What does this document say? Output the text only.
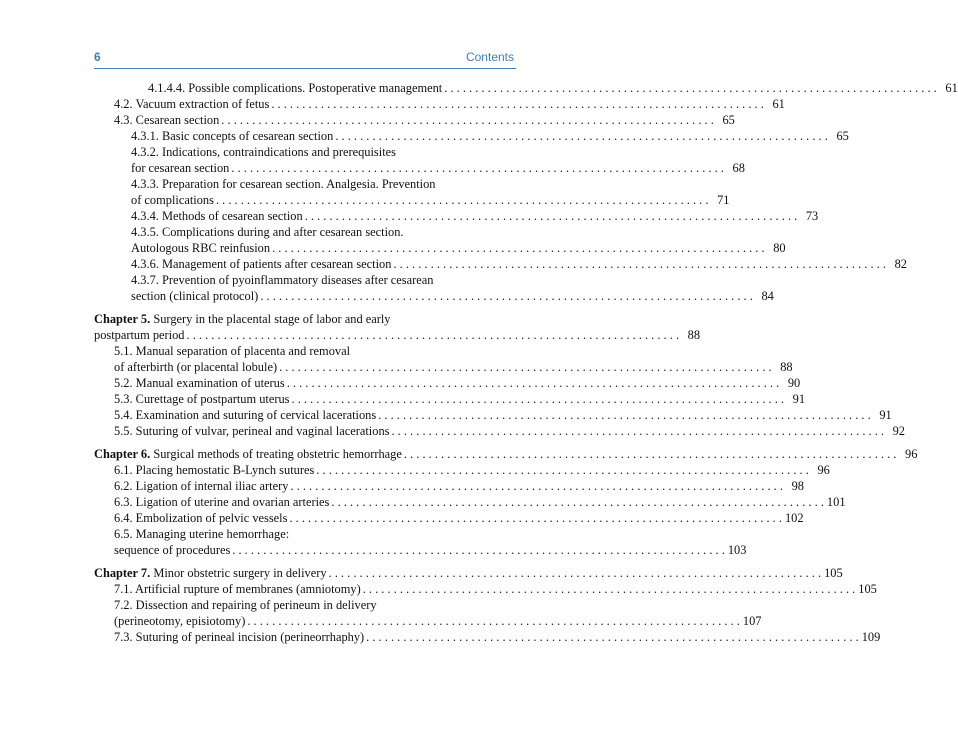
6	Contents
4.1.4.4. Possible complications. Postoperative management . . . . . . . . . . . . . . . . . . . . . . . . . . . . . . . . . . . . . . . . . . . . . . . . . . . . . . . . . . . . . . . . . . . . . . . . . . . . . . . . 61
4.2. Vacuum extraction of fetus . . . . . . . . . . . . . . . . . . . . . . . . . . . . . . . . . . . . . . . . . . . . . . . . . . . . . . . . . . . . . . . . . . . . . . . . . . . . . . . . 61
4.3. Cesarean section . . . . . . . . . . . . . . . . . . . . . . . . . . . . . . . . . . . . . . . . . . . . . . . . . . . . . . . . . . . . . . . . . . . . . . . . . . . . . . . . 65
4.3.1. Basic concepts of cesarean section . . . . . . . . . . . . . . . . . . . . . . . . . . . . . . . . . . . . . . . . . . . . . . . . . . . . . . . . . . . . . . . . . . . . . . . . . . . . . . . . 65
4.3.2. Indications, contraindications and prerequisites
for cesarean section . . . . . . . . . . . . . . . . . . . . . . . . . . . . . . . . . . . . . . . . . . . . . . . . . . . . . . . . . . . . . . . . . . . . . . . . . . . . . . . . 68
4.3.3. Preparation for cesarean section. Analgesia. Prevention
of complications . . . . . . . . . . . . . . . . . . . . . . . . . . . . . . . . . . . . . . . . . . . . . . . . . . . . . . . . . . . . . . . . . . . . . . . . . . . . . . . . 71
4.3.4. Methods of cesarean section . . . . . . . . . . . . . . . . . . . . . . . . . . . . . . . . . . . . . . . . . . . . . . . . . . . . . . . . . . . . . . . . . . . . . . . . . . . . . . . . 73
4.3.5. Complications during and after cesarean section.
Autologous RBC reinfusion . . . . . . . . . . . . . . . . . . . . . . . . . . . . . . . . . . . . . . . . . . . . . . . . . . . . . . . . . . . . . . . . . . . . . . . . . . . . . . . . 80
4.3.6. Management of patients after cesarean section . . . . . . . . . . . . . . . . . . . . . . . . . . . . . . . . . . . . . . . . . . . . . . . . . . . . . . . . . . . . . . . . . . . . . . . . . . . . . . . . 82
4.3.7. Prevention of pyoinflammatory diseases after cesarean
section (clinical protocol) . . . . . . . . . . . . . . . . . . . . . . . . . . . . . . . . . . . . . . . . . . . . . . . . . . . . . . . . . . . . . . . . . . . . . . . . . . . . . . . . 84
Chapter 5. Surgery in the placental stage of labor and early
postpartum period . . . . . . . . . . . . . . . . . . . . . . . . . . . . . . . . . . . . . . . . . . . . . . . . . . . . . . . . . . . . . . . . . . . . . . . . . . . . . . . . 88
5.1. Manual separation of placenta and removal
of afterbirth (or placental lobule) . . . . . . . . . . . . . . . . . . . . . . . . . . . . . . . . . . . . . . . . . . . . . . . . . . . . . . . . . . . . . . . . . . . . . . . . . . . . . . . . 88
5.2. Manual examination of uterus . . . . . . . . . . . . . . . . . . . . . . . . . . . . . . . . . . . . . . . . . . . . . . . . . . . . . . . . . . . . . . . . . . . . . . . . . . . . . . . . 90
5.3. Curettage of postpartum uterus . . . . . . . . . . . . . . . . . . . . . . . . . . . . . . . . . . . . . . . . . . . . . . . . . . . . . . . . . . . . . . . . . . . . . . . . . . . . . . . . 91
5.4. Examination and suturing of cervical lacerations . . . . . . . . . . . . . . . . . . . . . . . . . . . . . . . . . . . . . . . . . . . . . . . . . . . . . . . . . . . . . . . . . . . . . . . . . . . . . . . . 91
5.5. Suturing of vulvar, perineal and vaginal lacerations . . . . . . . . . . . . . . . . . . . . . . . . . . . . . . . . . . . . . . . . . . . . . . . . . . . . . . . . . . . . . . . . . . . . . . . . . . . . . . . . 92
Chapter 6. Surgical methods of treating obstetric hemorrhage . . . . . . . . . . . . . . . . . . . . . . . . . . . . . . . . . . . . . . . . . . . . . . . . . . . . . . . . . . . . . . . . . . . . . . . . . . . . . . . . 96
6.1. Placing hemostatic B-Lynch sutures . . . . . . . . . . . . . . . . . . . . . . . . . . . . . . . . . . . . . . . . . . . . . . . . . . . . . . . . . . . . . . . . . . . . . . . . . . . . . . . . 96
6.2. Ligation of internal iliac artery . . . . . . . . . . . . . . . . . . . . . . . . . . . . . . . . . . . . . . . . . . . . . . . . . . . . . . . . . . . . . . . . . . . . . . . . . . . . . . . . 98
6.3. Ligation of uterine and ovarian arteries . . . . . . . . . . . . . . . . . . . . . . . . . . . . . . . . . . . . . . . . . . . . . . . . . . . . . . . . . . . . . . . . . . . . . . . . . . . . . . . . 101
6.4. Embolization of pelvic vessels . . . . . . . . . . . . . . . . . . . . . . . . . . . . . . . . . . . . . . . . . . . . . . . . . . . . . . . . . . . . . . . . . . . . . . . . . . . . . . . . 102
6.5. Managing uterine hemorrhage:
sequence of procedures . . . . . . . . . . . . . . . . . . . . . . . . . . . . . . . . . . . . . . . . . . . . . . . . . . . . . . . . . . . . . . . . . . . . . . . . . . . . . . . . 103
Chapter 7. Minor obstetric surgery in delivery . . . . . . . . . . . . . . . . . . . . . . . . . . . . . . . . . . . . . . . . . . . . . . . . . . . . . . . . . . . . . . . . . . . . . . . . . . . . . . . . 105
7.1. Artificial rupture of membranes (amniotomy) . . . . . . . . . . . . . . . . . . . . . . . . . . . . . . . . . . . . . . . . . . . . . . . . . . . . . . . . . . . . . . . . . . . . . . . . . . . . . . . . 105
7.2. Dissection and repairing of perineum in delivery
(perineotomy, episiotomy) . . . . . . . . . . . . . . . . . . . . . . . . . . . . . . . . . . . . . . . . . . . . . . . . . . . . . . . . . . . . . . . . . . . . . . . . . . . . . . . . 107
7.3. Suturing of perineal incision (perineorrhaphy) . . . . . . . . . . . . . . . . . . . . . . . . . . . . . . . . . . . . . . . . . . . . . . . . . . . . . . . . . . . . . . . . . . . . . . . . . . . . . . . . 109
